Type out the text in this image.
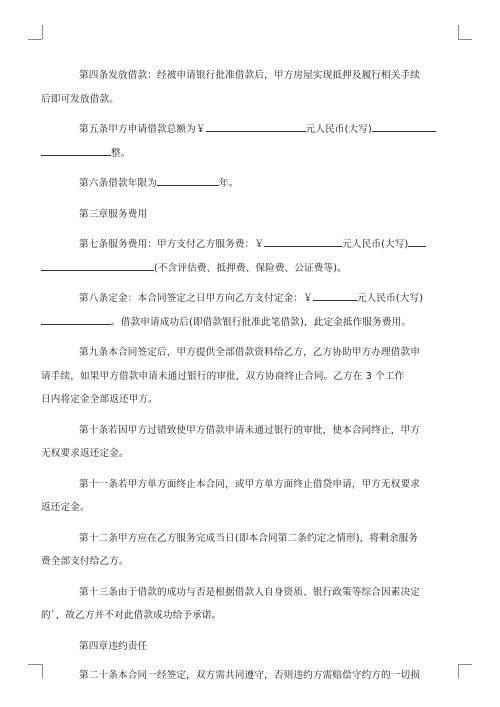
第四条发放借款：经被申请银行批准借款后，甲方房屋实现抵押及履行相关手续
后即可发放借款。

第五条甲方申请借款总额为￥	元人民币(大写)
整。

第六条借款年限为	年。

第三章服务费用

第七条服务费用：甲方支付乙方服务费：￥	元人民币(大写)
(不含评估费、抵押费、保险费、公证费等)。

第八条定金：本合同签定之日甲方向乙方支付定金：￥	元人民币(大写)
。借款申请成功后(即借款银行批准此笔借款)，此定金抵作服务费用。

第九条本合同签定后，甲方提供全部借款资料给乙方，乙方协助甲方办理借款申
请手续，如果甲方借款申请未通过银行的审批，双方协商终止合同。乙方在 3 个工作
日内将定金全部返还甲方。

第十条若因甲方过错致使甲方借款申请未通过银行的审批，使本合同终止，甲方
无权要求返还定金。

第十一条若甲方单方面终止本合同，或甲方单方面终止借贷申请，甲方无权要求
返还定金。

第十二条甲方应在乙方服务完成当日(即本合同第二条约定之情形)，将剩余服务
费全部支付给乙方。

第十三条由于借款的成功与否是根据借款人自身资质、银行政策等综合因素决定
的`，故乙方并不对此借款成功给予承诺。

第四章违约责任

第二十条本合同一经签定，双方需共同遵守，否则违约方需赔偿守约方的一切损
